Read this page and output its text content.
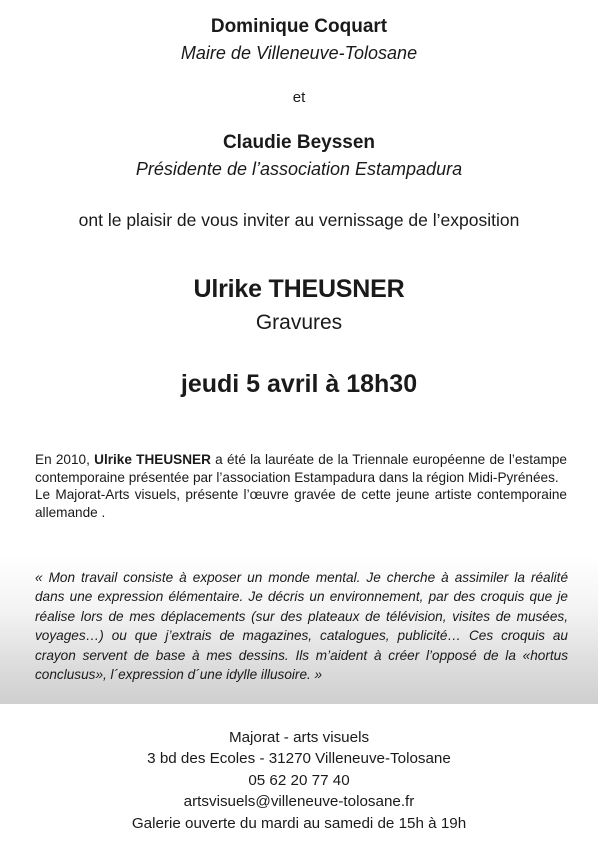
Dominique Coquart
Maire de Villeneuve-Tolosane
et
Claudie Beyssen
Présidente de l’association Estampadura
ont le plaisir de vous inviter au vernissage de l’exposition
Ulrike THEUSNER
Gravures
jeudi 5 avril à 18h30

En 2010, Ulrike THEUSNER a été la lauréate de la Triennale européenne de l’estampe contemporaine présentée par l’association Estampadura dans la région Midi-Pyrénées.

Le Majorat-Arts visuels, présente l’œuvre gravée de cette jeune artiste contemporaine allemande .

« Mon travail consiste à exposer un monde mental. Je cherche à assimiler la réalité dans une expression élémentaire. Je décris un environnement, par des croquis que je réalise lors de mes déplacements (sur des plateaux de télévision, visites de musées, voyages…) ou que j’extrais de magazines, catalogues, publicité… Ces croquis au crayon servent de base à mes dessins. Ils m’aident à créer l’opposé de la «hortus conclusus», l´expression d´une idylle illusoire. »
Majorat - arts visuels
3 bd des Ecoles - 31270 Villeneuve-Tolosane
05 62 20 77 40
artsvisuels@villeneuve-tolosane.fr
Galerie ouverte du mardi au samedi de 15h à 19h
